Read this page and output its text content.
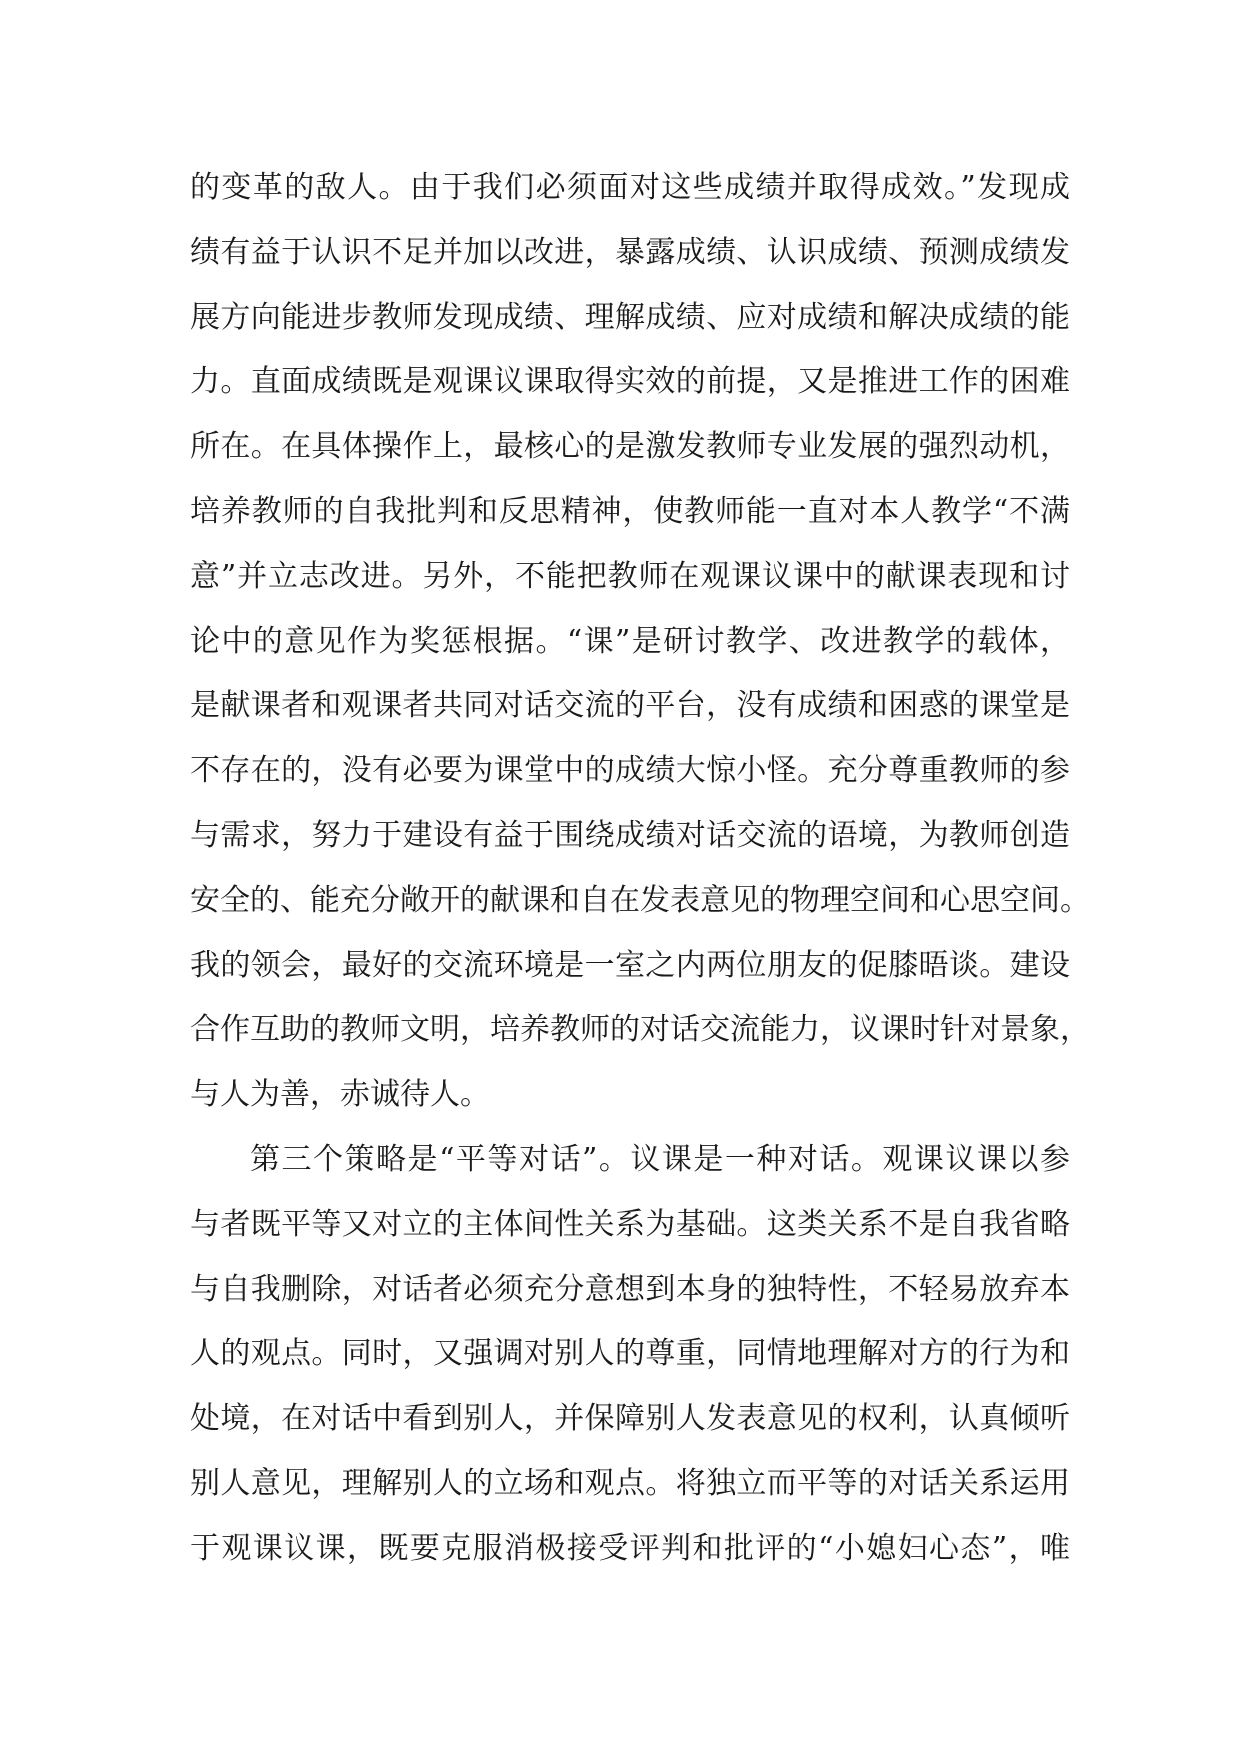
的变革的敌人。由于我们必须面对这些成绩并取得成效。”发现成
绩有益于认识不足并加以改进，暴露成绩、认识成绩、预测成绩发
展方向能进步教师发现成绩、理解成绩、应对成绩和解决成绩的能
力。直面成绩既是观课议课取得实效的前提，又是推进工作的困难
所在。在具体操作上，最核心的是激发教师专业发展的强烈动机，
培养教师的自我批判和反思精神，使教师能一直对本人教学“不满
意”并立志改进。另外，不能把教师在观课议课中的献课表现和讨
论中的意见作为奖惩根据。“课”是研讨教学、改进教学的载体，
是献课者和观课者共同对话交流的平台，没有成绩和困惑的课堂是
不存在的，没有必要为课堂中的成绩大惊小怪。充分尊重教师的参
与需求，努力于建设有益于围绕成绩对话交流的语境，为教师创造
安全的、能充分敞开的献课和自在发表意见的物理空间和心思空间。
我的领会，最好的交流环境是一室之内两位朋友的促膝晤谈。建设
合作互助的教师文明，培养教师的对话交流能力，议课时针对景象，
与人为善，赤诚待人。
第三个策略是“平等对话”。议课是一种对话。观课议课以参
与者既平等又对立的主体间性关系为基础。这类关系不是自我省略
与自我删除，对话者必须充分意想到本身的独特性，不轻易放弃本
人的观点。同时，又强调对别人的尊重，同情地理解对方的行为和
处境，在对话中看到别人，并保障别人发表意见的权利，认真倾听
别人意见，理解别人的立场和观点。将独立而平等的对话关系运用
于观课议课，既要克服消极接受评判和批评的“小媳妇心态”，唯
